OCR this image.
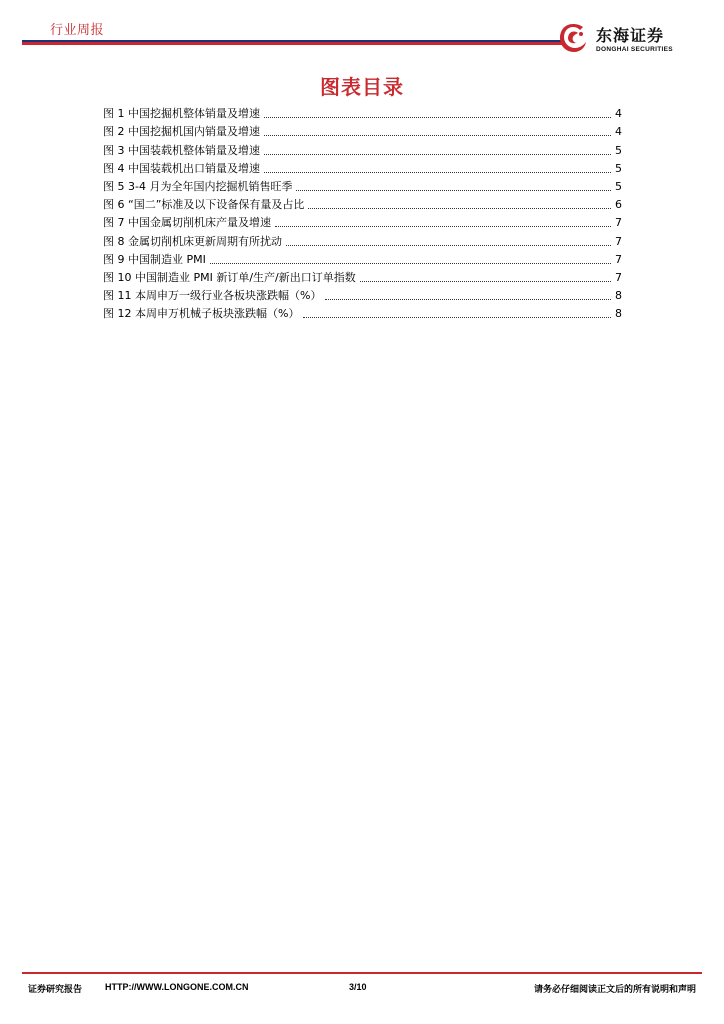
行业周报	东海证券
DONGHAI SECURITIES
图表目录
图 1 中国挖掘机整体销量及增速	4
图 2 中国挖掘机国内销量及增速	4
图 3 中国装载机整体销量及增速	5
图 4 中国装载机出口销量及增速	5
图 5 3-4 月为全年国内挖掘机销售旺季	5
图 6 “国二”标准及以下设备保有量及占比	6
图 7 中国金属切削机床产量及增速	7
图 8 金属切削机床更新周期有所扰动	7
图 9 中国制造业 PMI	7
图 10 中国制造业 PMI 新订单/生产/新出口订单指数	7
图 11 本周申万一级行业各板块涨跌幅（%）	8
图 12 本周申万机械子板块涨跌幅（%）	8
证券研究报告	HTTP://WWW.LONGONE.COM.CN	3/10	请务必仔细阅读正文后的所有说明和声明
